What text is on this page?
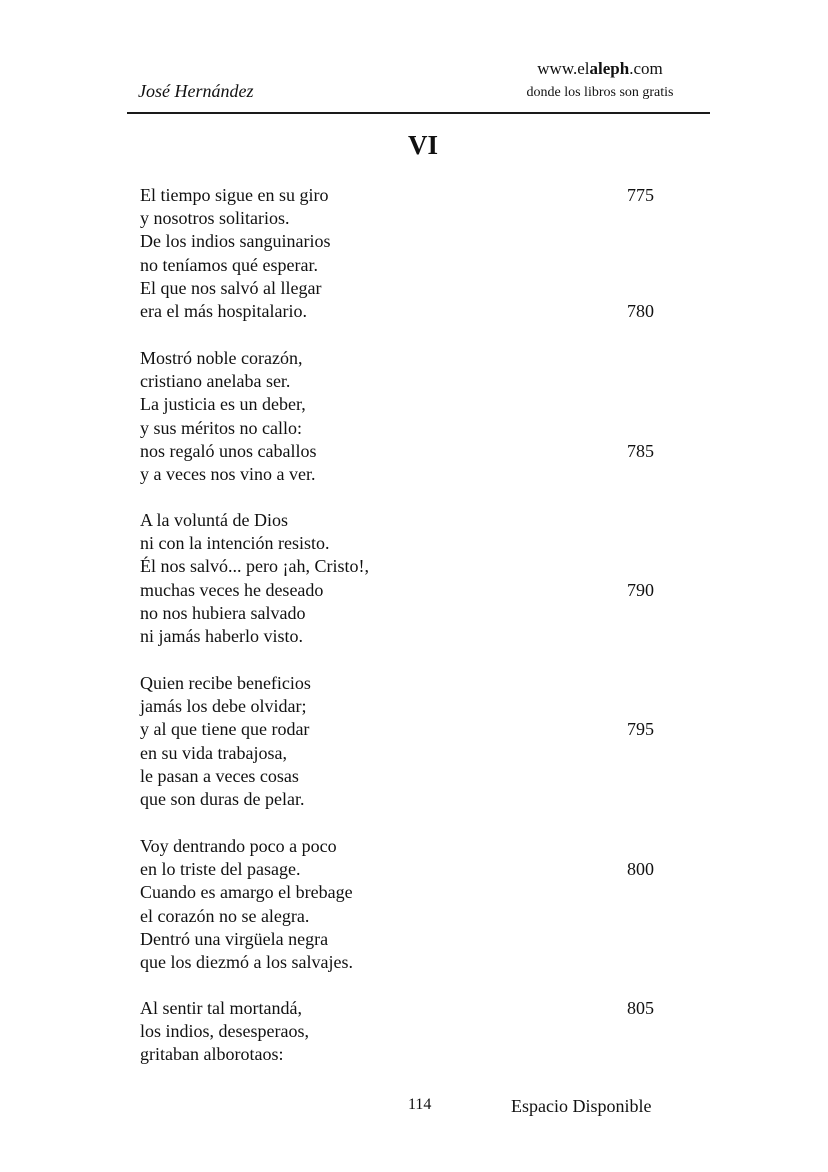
José Hernández
www.elaleph.com
donde los libros son gratis
VI
El tiempo sigue en su giro	775
y nosotros solitarios.
De los indios sanguinarios
no teníamos qué esperar.
El que nos salvó al llegar
era el más hospitalario.	780
Mostró noble corazón,
cristiano anelaba ser.
La justicia es un deber,
y sus méritos no callo:
nos regaló unos caballos	785
y a veces nos vino a ver.
A la voluntá de Dios
ni con la intención resisto.
Él nos salvó... pero ¡ah, Cristo!,
muchas veces he deseado	790
no nos hubiera salvado
ni jamás haberlo visto.
Quien recibe beneficios
jamás los debe olvidar;
y al que tiene que rodar	795
en su vida trabajosa,
le pasan a veces cosas
que son duras de pelar.
Voy dentrando poco a poco
en lo triste del pasage.	800
Cuando es amargo el brebage
el corazón no se alegra.
Dentró una virgüela negra
que los diezmó a los salvajes.
Al sentir tal mortandá,	805
los indios, desesperaos,
gritaban alborotaos:
114	Espacio Disponible
